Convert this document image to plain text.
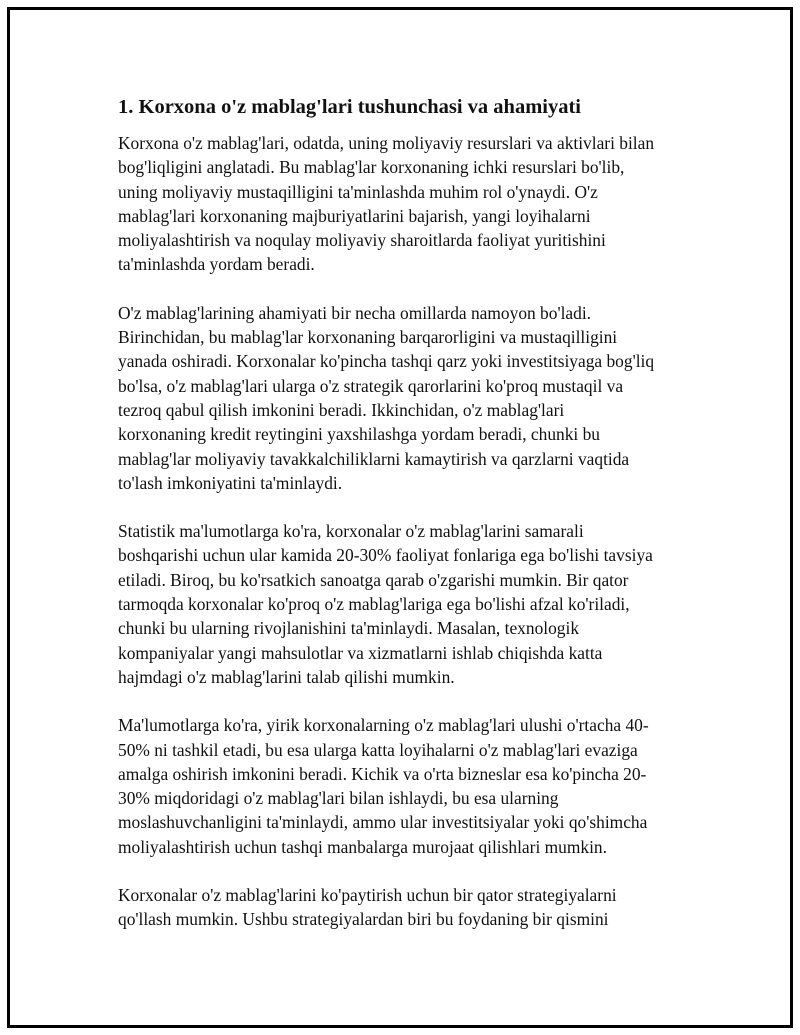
1. Korxona o'z mablag'lari tushunchasi va ahamiyati

Korxona o'z mablag'lari, odatda, uning moliyaviy resurslari va aktivlari bilan
bog'liqligini anglatadi. Bu mablag'lar korxonaning ichki resurslari bo'lib,
uning moliyaviy mustaqilligini ta'minlashda muhim rol o'ynaydi. O'z
mablag'lari korxonaning majburiyatlarini bajarish, yangi loyihalarni
moliyalashtirish va noqulay moliyaviy sharoitlarda faoliyat yuritishini
ta'minlashda yordam beradi.

O'z mablag'larining ahamiyati bir necha omillarda namoyon bo'ladi.
Birinchidan, bu mablag'lar korxonaning barqarorligini va mustaqilligini
yanada oshiradi. Korxonalar ko'pincha tashqi qarz yoki investitsiyaga bog'liq
bo'lsa, o'z mablag'lari ularga o'z strategik qarorlarini ko'proq mustaqil va
tezroq qabul qilish imkonini beradi. Ikkinchidan, o'z mablag'lari
korxonaning kredit reytingini yaxshilashga yordam beradi, chunki bu
mablag'lar moliyaviy tavakkalchiliklarni kamaytirish va qarzlarni vaqtida
to'lash imkoniyatini ta'minlaydi.

Statistik ma'lumotlarga ko'ra, korxonalar o'z mablag'larini samarali
boshqarishi uchun ular kamida 20-30% faoliyat fonlariga ega bo'lishi tavsiya
etiladi. Biroq, bu ko'rsatkich sanoatga qarab o'zgarishi mumkin. Bir qator
tarmoqda korxonalar ko'proq o'z mablag'lariga ega bo'lishi afzal ko'riladi,
chunki bu ularning rivojlanishini ta'minlaydi. Masalan, texnologik
kompaniyalar yangi mahsulotlar va xizmatlarni ishlab chiqishda katta
hajmdagi o'z mablag'larini talab qilishi mumkin.

Ma'lumotlarga ko'ra, yirik korxonalarning o'z mablag'lari ulushi o'rtacha 40-
50% ni tashkil etadi, bu esa ularga katta loyihalarni o'z mablag'lari evaziga
amalga oshirish imkonini beradi. Kichik va o'rta bizneslar esa ko'pincha 20-
30% miqdoridagi o'z mablag'lari bilan ishlaydi, bu esa ularning
moslashuvchanligini ta'minlaydi, ammo ular investitsiyalar yoki qo'shimcha
moliyalashtirish uchun tashqi manbalarga murojaat qilishlari mumkin.

Korxonalar o'z mablag'larini ko'paytirish uchun bir qator strategiyalarni
qo'llash mumkin. Ushbu strategiyalardan biri bu foydaning bir qismini
